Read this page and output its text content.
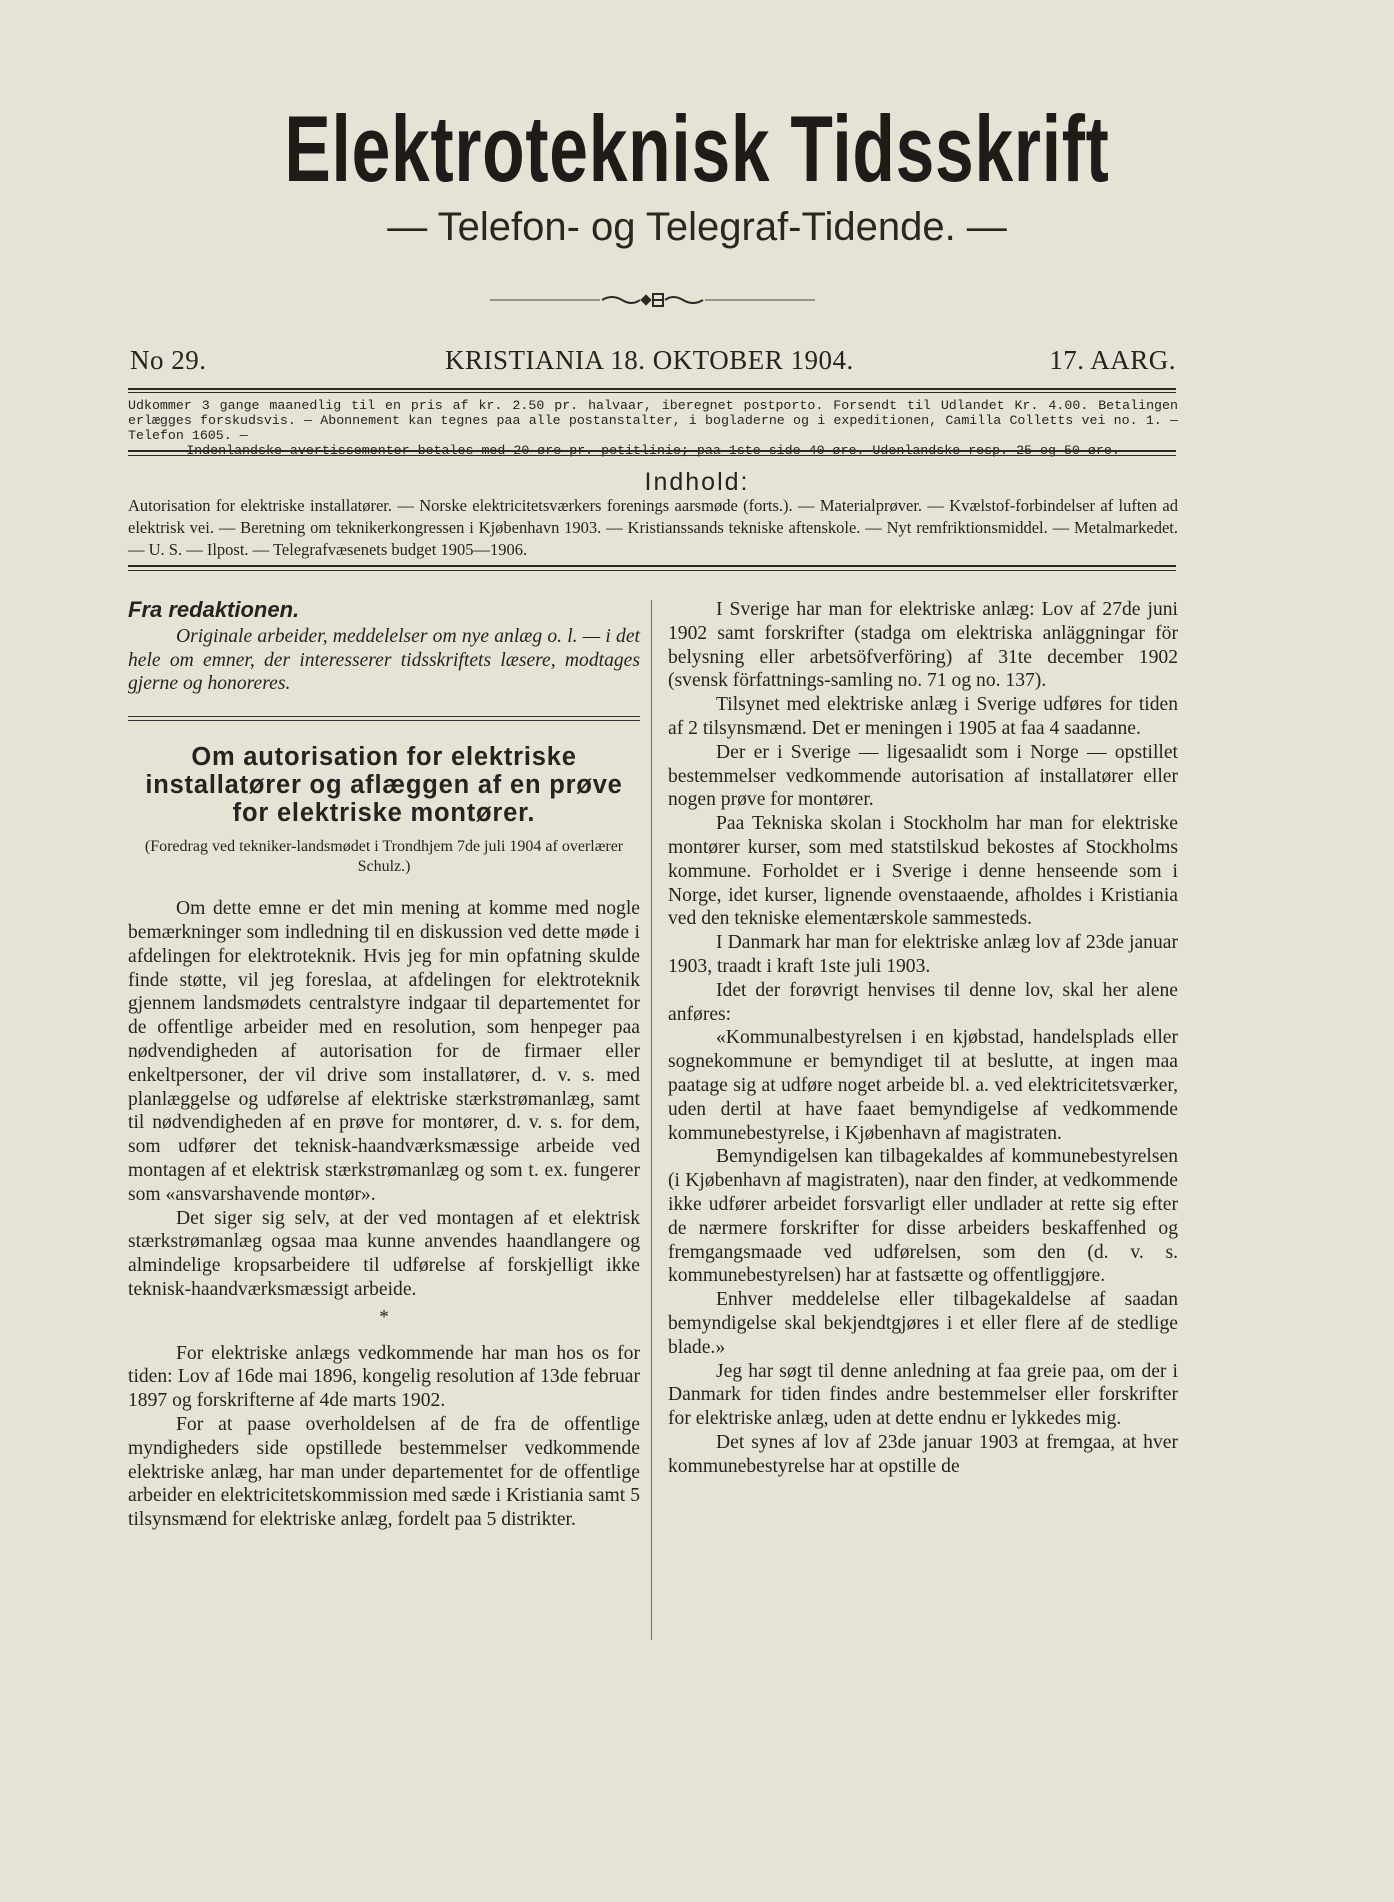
Elektroteknisk Tidsskrift
— Telefon- og Telegraf-Tidende. —
No 29.	KRISTIANIA 18. OKTOBER 1904.	17. AARG.

Udkommer 3 gange maanedlig til en pris af kr. 2.50 pr. halvaar, iberegnet postporto. Forsendt til Udlandet Kr. 4.00. Betalingen erlægges forskudsvis. — Abonnement kan tegnes paa alle postanstalter, i bogladerne og i expeditionen, Camilla Colletts vei no. 1. — Telefon 1605. —

Indenlandske avertissementer betales med 20 øre pr. petitlinie; paa 1ste side 40 øre. Udenlandske resp. 25 og 50 øre.

Indhold:

Autorisation for elektriske installatører. — Norske elektricitetsværkers forenings aarsmøde (forts.). — Materialprøver. — Kvælstof-forbindelser af luften ad elektrisk vei. — Beretning om teknikerkongressen i Kjøbenhavn 1903. — Kristianssands tekniske aftenskole. — Nyt remfriktionsmiddel. — Metalmarkedet. — U. S. — Ilpost. — Telegrafvæsenets budget 1905—1906.

Fra redaktionen.

Originale arbeider, meddelelser om nye anlæg o. l. — i det hele om emner, der interesserer tidsskriftets læsere, modtages gjerne og honoreres.

Om autorisation for elektriske installatører og aflæggen af en prøve for elektriske montører.
(Foredrag ved tekniker-landsmødet i Trondhjem 7de juli 1904 af overlærer Schulz.)

Om dette emne er det min mening at komme med nogle bemærkninger som indledning til en diskussion ved dette møde i afdelingen for elektroteknik. Hvis jeg for min opfatning skulde finde støtte, vil jeg foreslaa, at afdelingen for elektroteknik gjennem landsmødets centralstyre indgaar til departementet for de offentlige arbeider med en resolution, som henpeger paa nødvendigheden af autorisation for de firmaer eller enkeltpersoner, der vil drive som installatører, d. v. s. med planlæggelse og udførelse af elektriske stærkstrømanlæg, samt til nødvendigheden af en prøve for montører, d. v. s. for dem, som udfører det teknisk-haandværksmæssige arbeide ved montagen af et elektrisk stærkstrømanlæg og som t. ex. fungerer som «ansvarshavende montør».

Det siger sig selv, at der ved montagen af et elektrisk stærkstrømanlæg ogsaa maa kunne anvendes haandlangere og almindelige kropsarbeidere til udførelse af forskjelligt ikke teknisk-haandværksmæssigt arbeide.

*

For elektriske anlægs vedkommende har man hos os for tiden: Lov af 16de mai 1896, kongelig resolution af 13de februar 1897 og forskrifterne af 4de marts 1902.

For at paase overholdelsen af de fra de offentlige myndigheders side opstillede bestemmelser vedkommende elektriske anlæg, har man under departementet for de offentlige arbeider en elektricitetskommission med sæde i Kristiania samt 5 tilsynsmænd for elektriske anlæg, fordelt paa 5 distrikter.

I Sverige har man for elektriske anlæg: Lov af 27de juni 1902 samt forskrifter (stadga om elektriska anläggningar för belysning eller arbetsöfverföring) af 31te december 1902 (svensk författnings-samling no. 71 og no. 137).

Tilsynet med elektriske anlæg i Sverige udføres for tiden af 2 tilsynsmænd. Det er meningen i 1905 at faa 4 saadanne.

Der er i Sverige — ligesaalidt som i Norge — opstillet bestemmelser vedkommende autorisation af installatører eller nogen prøve for montører.

Paa Tekniska skolan i Stockholm har man for elektriske montører kurser, som med statstilskud bekostes af Stockholms kommune. Forholdet er i Sverige i denne henseende som i Norge, idet kurser, lignende ovenstaaende, afholdes i Kristiania ved den tekniske elementærskole sammesteds.

I Danmark har man for elektriske anlæg lov af 23de januar 1903, traadt i kraft 1ste juli 1903.

Idet der forøvrigt henvises til denne lov, skal her alene anføres:

«Kommunalbestyrelsen i en kjøbstad, handelsplads eller sognekommune er bemyndiget til at beslutte, at ingen maa paatage sig at udføre noget arbeide bl. a. ved elektricitetsværker, uden dertil at have faaet bemyndigelse af vedkommende kommunebestyrelse, i Kjøbenhavn af magistraten.

Bemyndigelsen kan tilbagekaldes af kommunebestyrelsen (i Kjøbenhavn af magistraten), naar den finder, at vedkommende ikke udfører arbeidet forsvarligt eller undlader at rette sig efter de nærmere forskrifter for disse arbeiders beskaffenhed og fremgangsmaade ved udførelsen, som den (d. v. s. kommunebestyrelsen) har at fastsætte og offentliggjøre.

Enhver meddelelse eller tilbagekaldelse af saadan bemyndigelse skal bekjendtgjøres i et eller flere af de stedlige blade.»

Jeg har søgt til denne anledning at faa greie paa, om der i Danmark for tiden findes andre bestemmelser eller forskrifter for elektriske anlæg, uden at dette endnu er lykkedes mig.

Det synes af lov af 23de januar 1903 at fremgaa, at hver kommunebestyrelse har at opstille de
